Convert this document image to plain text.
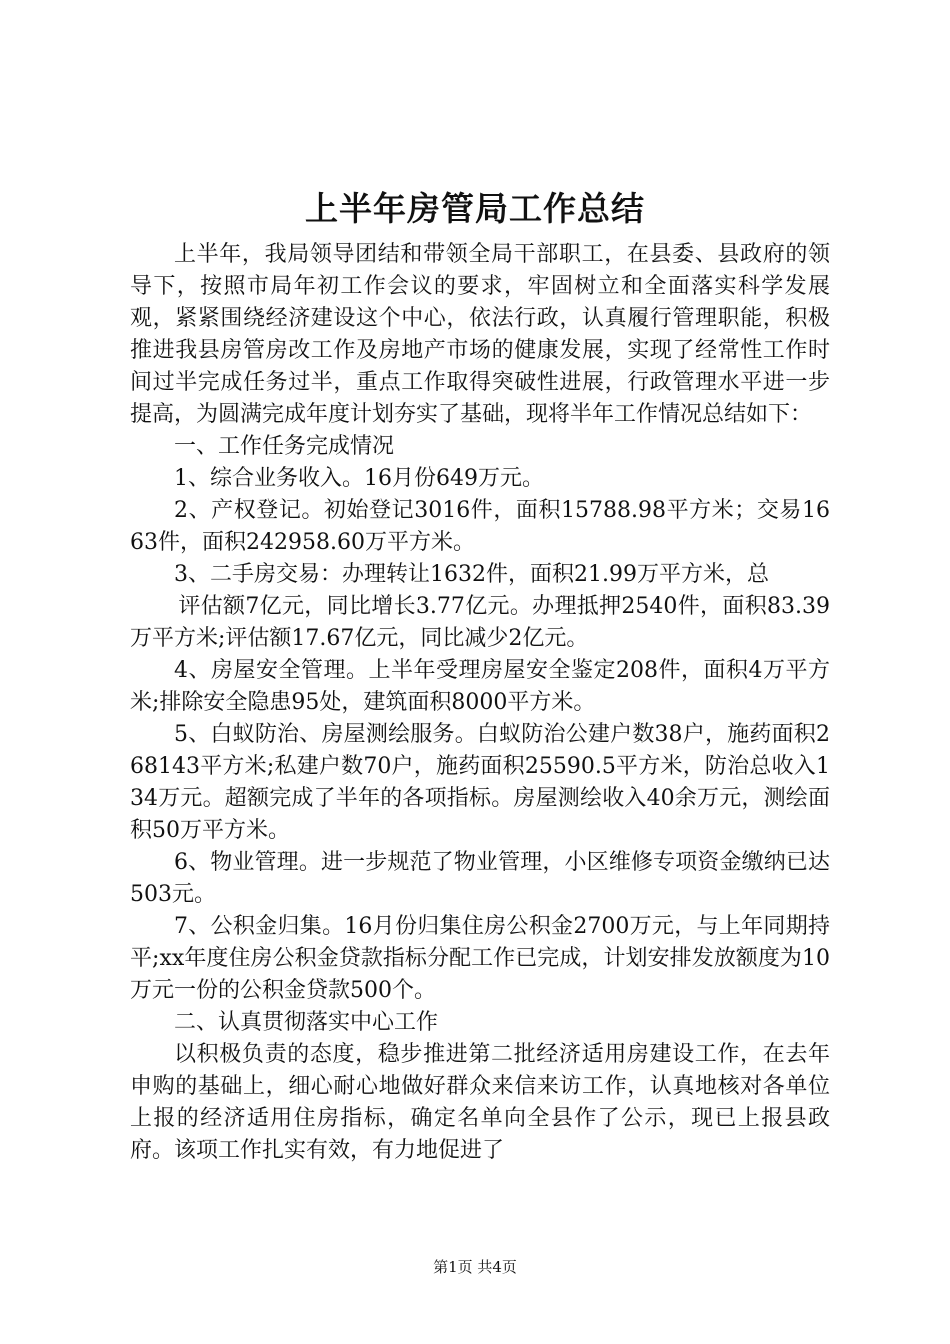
上半年房管局工作总结

上半年，我局领导团结和带领全局干部职工，在县委、县政府的领导下，按照市局年初工作会议的要求，牢固树立和全面落实科学发展观，紧紧围绕经济建设这个中心，依法行政，认真履行管理职能，积极推进我县房管房改工作及房地产市场的健康发展，实现了经常性工作时间过半完成任务过半，重点工作取得突破性进展，行政管理水平进一步提高，为圆满完成年度计划夯实了基础，现将半年工作情况总结如下：

一、工作任务完成情况

1、综合业务收入。16月份649万元。

2、产权登记。初始登记3016件，面积15788.98平方米；交易1663件，面积242958.60万平方米。

3、二手房交易：办理转让1632件，面积21.99万平方米，总

评估额7亿元，同比增长3.77亿元。办理抵押2540件，面积83.39万平方米;评估额17.67亿元，同比减少2亿元。

4、房屋安全管理。上半年受理房屋安全鉴定208件，面积4万平方米;排除安全隐患95处，建筑面积8000平方米。

5、白蚁防治、房屋测绘服务。白蚁防治公建户数38户，施药面积268143平方米;私建户数70户，施药面积25590.5平方米，防治总收入134万元。超额完成了半年的各项指标。房屋测绘收入40余万元，测绘面积50万平方米。

6、物业管理。进一步规范了物业管理，小区维修专项资金缴纳已达503元。

7、公积金归集。16月份归集住房公积金2700万元，与上年同期持平;xx年度住房公积金贷款指标分配工作已完成，计划安排发放额度为10万元一份的公积金贷款500个。

二、认真贯彻落实中心工作

以积极负责的态度，稳步推进第二批经济适用房建设工作，在去年申购的基础上，细心耐心地做好群众来信来访工作，认真地核对各单位上报的经济适用住房指标，确定名单向全县作了公示，现已上报县政府。该项工作扎实有效，有力地促进了

第1页 共4页
